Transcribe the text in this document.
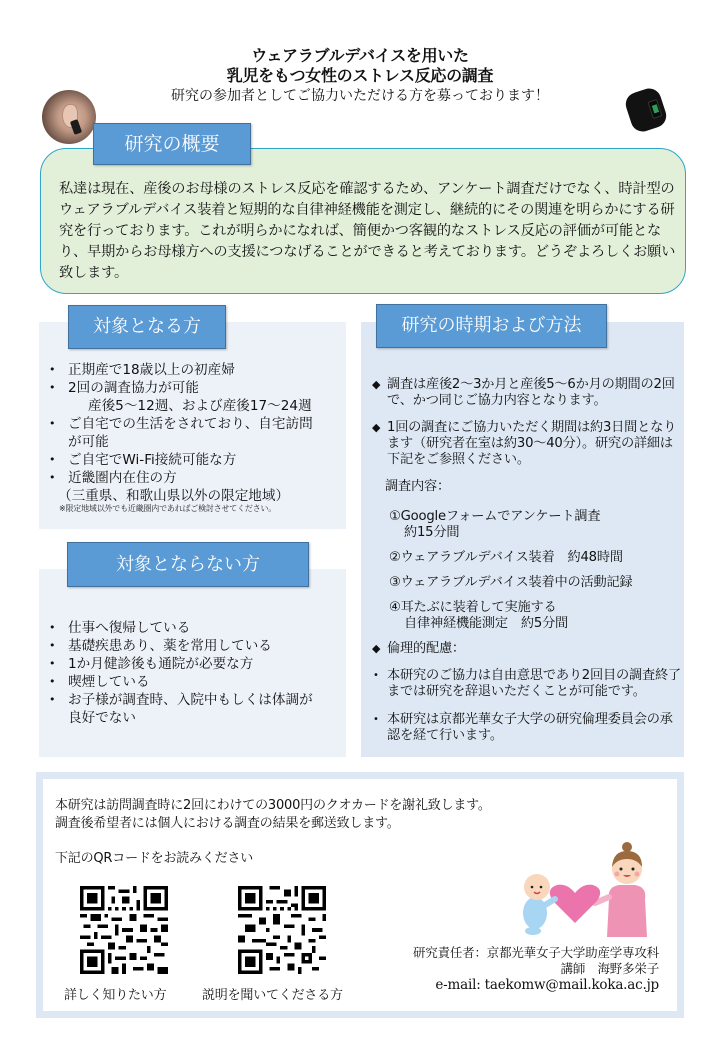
ウェアラブルデバイスを用いた
乳児をもつ女性のストレス反応の調査
研究の参加者としてご協力いただける方を募っております！

私達は現在、産後のお母様のストレス反応を確認するため、アンケート調査だけでなく、時計型のウェアラブルデバイス装着と短期的な自律神経機能を測定し、継続的にその関連を明らかにする研究を行っております。これが明らかになれば、簡便かつ客観的なストレス反応の評価が可能となり、早期からお母様方への支援につなげることができると考えております。どうぞよろしくお願い致します。

研究の概要
対象となる方
• 正期産で18歳以上の初産婦
• 2回の調査協力が可能
産後5～12週、および産後17～24週
• ご自宅での生活をされており、自宅訪問
が可能
• ご自宅でWi-Fi接続可能な方
• 近畿圏内在住の方
（三重県、和歌山県以外の限定地域）
※限定地域以外でも近畿圏内であればご検討させてください。
対象とならない方
• 仕事へ復帰している
• 基礎疾患あり、薬を常用している
• 1か月健診後も通院が必要な方
• 喫煙している
• お子様が調査時、入院中もしくは体調が
良好でない
研究の時期および方法
◆ 調査は産後2～3か月と産後5～6か月の期間の2回で、かつ同じご協力内容となります。
◆ 1回の調査にご協力いただく期間は約3日間となります（研究者在室は約30～40分）。研究の詳細は下記をご参照ください。
調査内容：
①Googleフォームでアンケート調査
約15分間
②ウェアラブルデバイス装着　約48時間
③ウェアラブルデバイス装着中の活動記録
④耳たぶに装着して実施する
自律神経機能測定　約5分間
◆ 倫理的配慮：
• 本研究のご協力は自由意思であり2回目の調査終了までは研究を辞退いただくことが可能です。
• 本研究は京都光華女子大学の研究倫理委員会の承認を経て行います。
本研究は訪問調査時に2回にわけての3000円のクオカードを謝礼致します。
調査後希望者には個人における調査の結果を郵送致します。
下記のQRコードをお読みください
詳しく知りたい方	説明を聞いてくださる方
研究責任者：京都光華女子大学助産学専攻科
講師　海野多栄子
e-mail: taekomw@mail.koka.ac.jp
